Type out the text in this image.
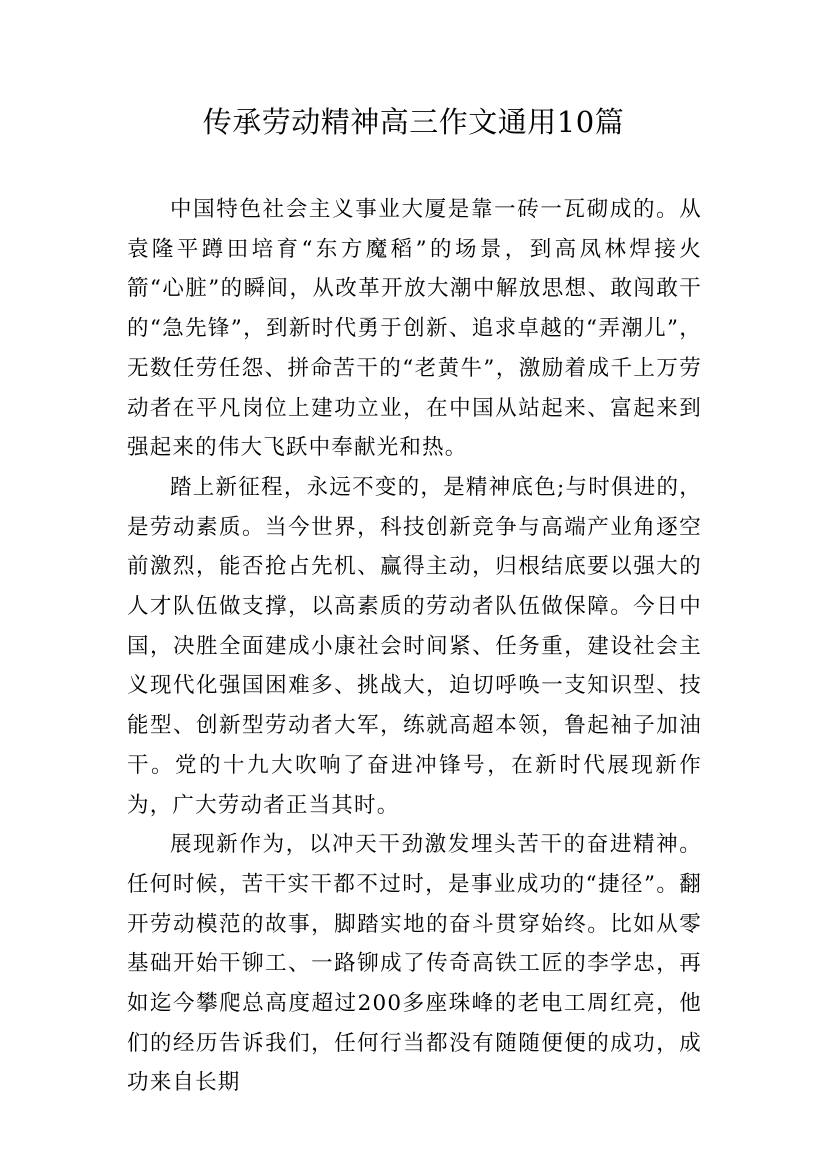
传承劳动精神高三作文通用10篇

中国特色社会主义事业大厦是靠一砖一瓦砌成的。从袁隆平蹲田培育“东方魔稻”的场景，到高凤林焊接火箭“心脏”的瞬间，从改革开放大潮中解放思想、敢闯敢干的“急先锋”，到新时代勇于创新、追求卓越的“弄潮儿”，无数任劳任怨、拼命苦干的“老黄牛”，激励着成千上万劳动者在平凡岗位上建功立业，在中国从站起来、富起来到强起来的伟大飞跃中奉献光和热。

踏上新征程，永远不变的，是精神底色;与时俱进的，是劳动素质。当今世界，科技创新竞争与高端产业角逐空前激烈，能否抢占先机、赢得主动，归根结底要以强大的人才队伍做支撑，以高素质的劳动者队伍做保障。今日中国，决胜全面建成小康社会时间紧、任务重，建设社会主义现代化强国困难多、挑战大，迫切呼唤一支知识型、技能型、创新型劳动者大军，练就高超本领，鲁起袖子加油干。党的十九大吹响了奋进冲锋号，在新时代展现新作为，广大劳动者正当其时。

展现新作为，以冲天干劲激发埋头苦干的奋进精神。任何时候，苦干实干都不过时，是事业成功的“捷径”。翻开劳动模范的故事，脚踏实地的奋斗贯穿始终。比如从零基础开始干铆工、一路铆成了传奇高铁工匠的李学忠，再如迄今攀爬总高度超过200多座珠峰的老电工周红亮，他们的经历告诉我们，任何行当都没有随随便便的成功，成功来自长期
